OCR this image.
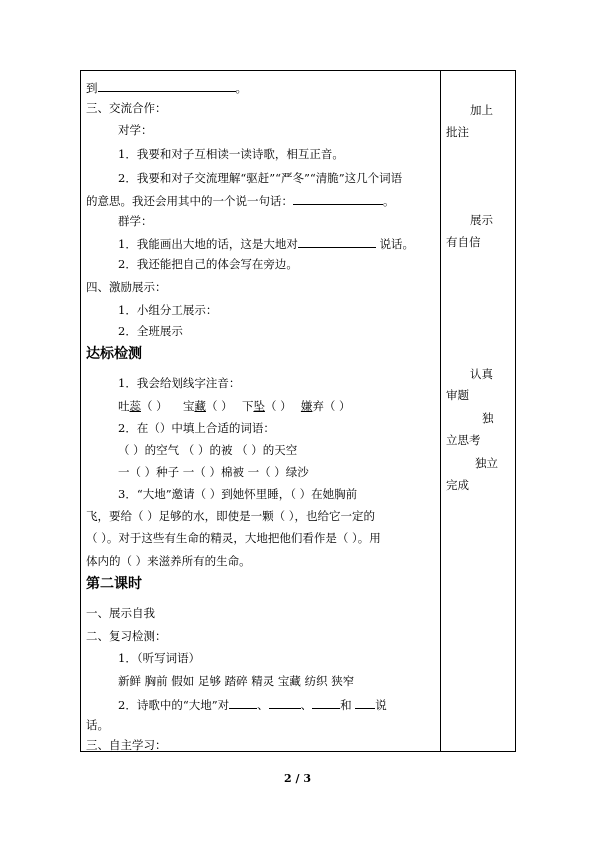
到	。
三、交流合作：
对学：
1．我要和对子互相读一读诗歌，相互正音。
2．我要和对子交流理解“驱赶”“严冬”“清脆”这几个词语
的意思。我还会用其中的一个说一句话：	。
群学：
1．我能画出大地的话，这是大地对	说话。
2．我还能把自己的体会写在旁边。
四、激励展示：
1．小组分工展示：
2．全班展示
达标检测
1．我会给划线字注音：
吐蕊（ ） 宝藏（ ） 下坠（ ） 嫌弃（ ）
2．在（）中填上合适的词语：
（ ）的空气 （ ）的被 （ ）的天空
一（ ）种子 一（ ）棉被 一（ ）绿沙
3．“大地”邀请（ ）到她怀里睡，（ ）在她胸前
飞，要给（ ）足够的水，即使是一颗（ ），也给它一定的
（ ）。对于这些有生命的精灵，大地把他们看作是（ ）。用
体内的（ ）来滋养所有的生命。
第二课时
一、展示自我
二、复习检测：
1．（听写词语）
新鲜 胸前 假如 足够 踏碎 精灵 宝藏 纺织 狭窄
2．诗歌中的“大地”对 、	、 和 说
话。
三、自主学习：
加上
批注
展示
有自信
认真
审题
独
立思考
独立
完成
2 / 3
